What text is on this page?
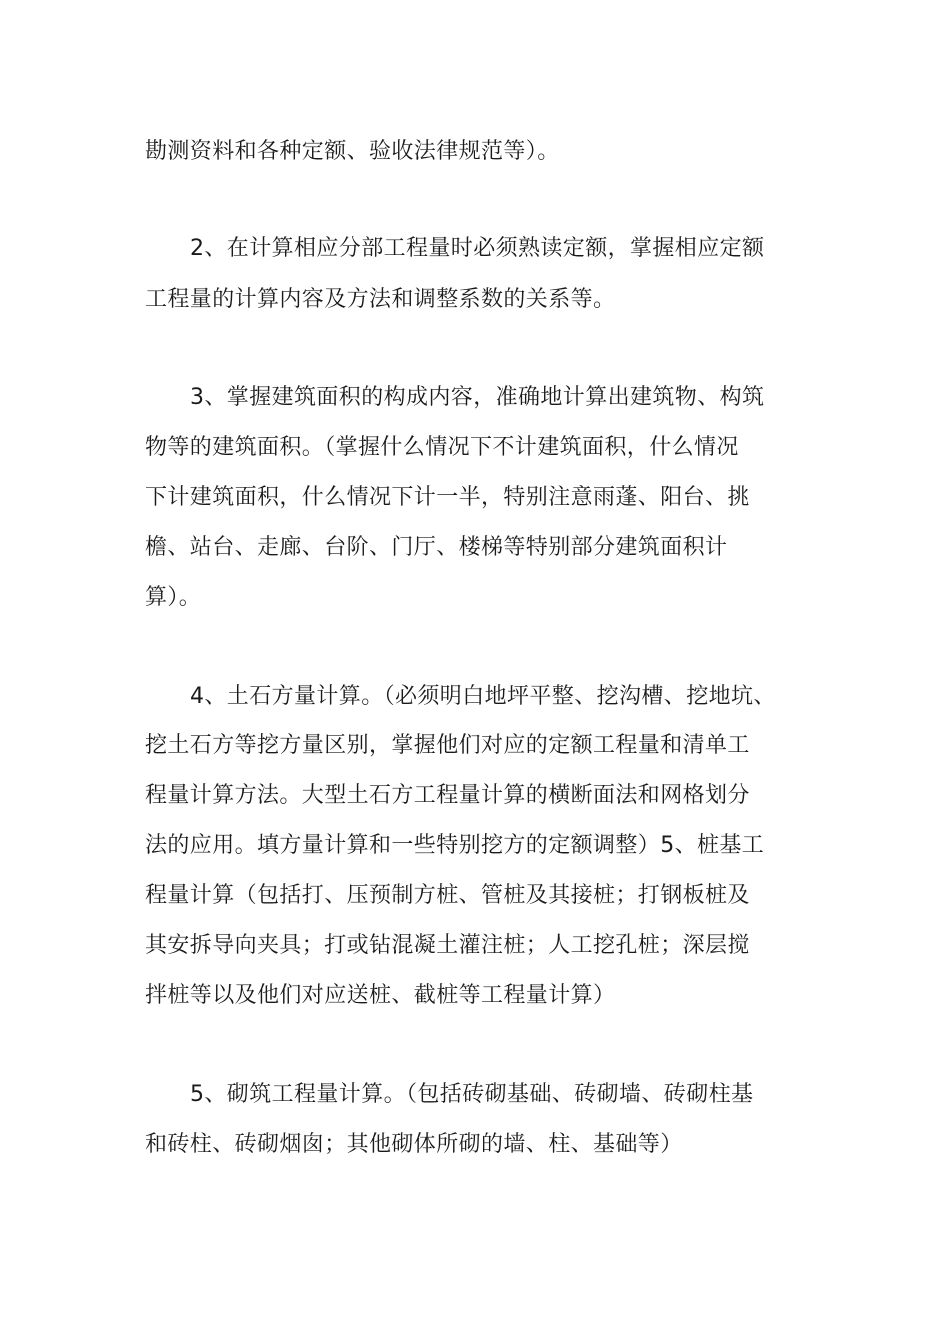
勘测资料和各种定额、验收法律规范等）。
2、在计算相应分部工程量时必须熟读定额，掌握相应定额
工程量的计算内容及方法和调整系数的关系等。
3、掌握建筑面积的构成内容，准确地计算出建筑物、构筑
物等的建筑面积。（掌握什么情况下不计建筑面积，什么情况
下计建筑面积，什么情况下计一半，特别注意雨蓬、阳台、挑
檐、站台、走廊、台阶、门厅、楼梯等特别部分建筑面积计
算）。
4、土石方量计算。（必须明白地坪平整、挖沟槽、挖地坑、
挖土石方等挖方量区别，掌握他们对应的定额工程量和清单工
程量计算方法。大型土石方工程量计算的横断面法和网格划分
法的应用。填方量计算和一些特别挖方的定额调整）5、桩基工
程量计算（包括打、压预制方桩、管桩及其接桩；打钢板桩及
其安拆导向夹具；打或钻混凝土灌注桩；人工挖孔桩；深层搅
拌桩等以及他们对应送桩、截桩等工程量计算）
5、砌筑工程量计算。（包括砖砌基础、砖砌墙、砖砌柱基
和砖柱、砖砌烟囱；其他砌体所砌的墙、柱、基础等）
